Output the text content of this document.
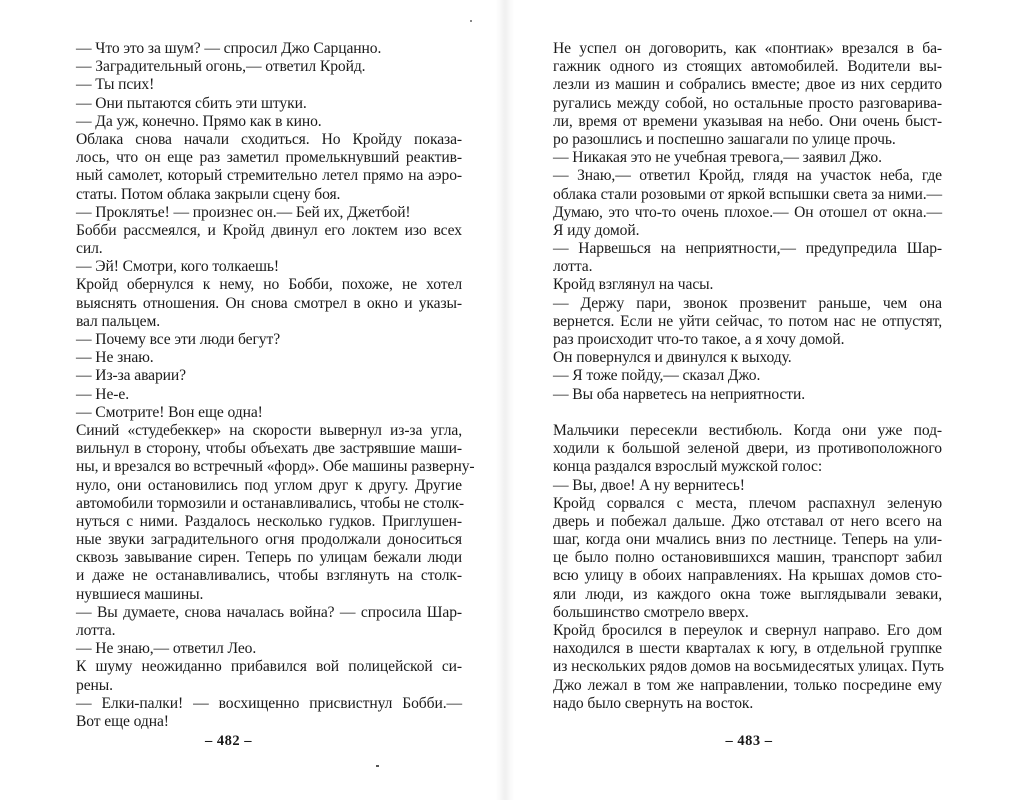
— Что это за шум? — спросил Джо Сарцанно.
— Заградительный огонь,— ответил Кройд.
— Ты псих!
— Они пытаются сбить эти штуки.
— Да уж, конечно. Прямо как в кино.
Облака снова начали сходиться. Но Кройду показа-
лось, что он еще раз заметил промелькнувший реактив-
ный самолет, который стремительно летел прямо на аэро-
статы. Потом облака закрыли сцену боя.
— Проклятье! — произнес он.— Бей их, Джетбой!
Бобби рассмеялся, и Кройд двинул его локтем изо всех
сил.
— Эй! Смотри, кого толкаешь!
Кройд обернулся к нему, но Бобби, похоже, не хотел
выяснять отношения. Он снова смотрел в окно и указы-
вал пальцем.
— Почему все эти люди бегут?
— Не знаю.
— Из-за аварии?
— Не-е.
— Смотрите! Вон еще одна!
Синий «студебеккер» на скорости вывернул из-за угла,
вильнул в сторону, чтобы объехать две застрявшие маши-
ны, и врезался во встречный «форд». Обе машины разверну-
нуло, они остановились под углом друг к другу. Другие
автомобили тормозили и останавливались, чтобы не столк-
нуться с ними. Раздалось несколько гудков. Приглушен-
ные звуки заградительного огня продолжали доноситься
сквозь завывание сирен. Теперь по улицам бежали люди
и даже не останавливались, чтобы взглянуть на столк-
нувшиеся машины.
— Вы думаете, снова началась война? — спросила Шар-
лотта.
— Не знаю,— ответил Лео.
К шуму неожиданно прибавился вой полицейской си-
рены.
— Елки-палки! — восхищенно присвистнул Бобби.—
Вот еще одна!
– 482 –
Не успел он договорить, как «понтиак» врезался в ба-
гажник одного из стоящих автомобилей. Водители вы-
лезли из машин и собрались вместе; двое из них сердито
ругались между собой, но остальные просто разговарива-
ли, время от времени указывая на небо. Они очень быст-
ро разошлись и поспешно зашагали по улице прочь.
— Никакая это не учебная тревога,— заявил Джо.
— Знаю,— ответил Кройд, глядя на участок неба, где
облака стали розовыми от яркой вспышки света за ними.—
Думаю, это что-то очень плохое.— Он отошел от окна.—
Я иду домой.
— Нарвешься на неприятности,— предупредила Шар-
лотта.
Кройд взглянул на часы.
— Держу пари, звонок прозвенит раньше, чем она
вернется. Если не уйти сейчас, то потом нас не отпустят,
раз происходит что-то такое, а я хочу домой.
Он повернулся и двинулся к выходу.
— Я тоже пойду,— сказал Джо.
— Вы оба нарветесь на неприятности.
Мальчики пересекли вестибюль. Когда они уже под-
ходили к большой зеленой двери, из противоположного
конца раздался взрослый мужской голос:
— Вы, двое! А ну вернитесь!
Кройд сорвался с места, плечом распахнул зеленую
дверь и побежал дальше. Джо отставал от него всего на
шаг, когда они мчались вниз по лестнице. Теперь на ули-
це было полно остановившихся машин, транспорт забил
всю улицу в обоих направлениях. На крышах домов сто-
яли люди, из каждого окна тоже выглядывали зеваки,
большинство смотрело вверх.
Кройд бросился в переулок и свернул направо. Его дом
находился в шести кварталах к югу, в отдельной группке
из нескольких рядов домов на восьмидесятых улицах. Путь
Джо лежал в том же направлении, только посредине ему
надо было свернуть на восток.
– 483 –
